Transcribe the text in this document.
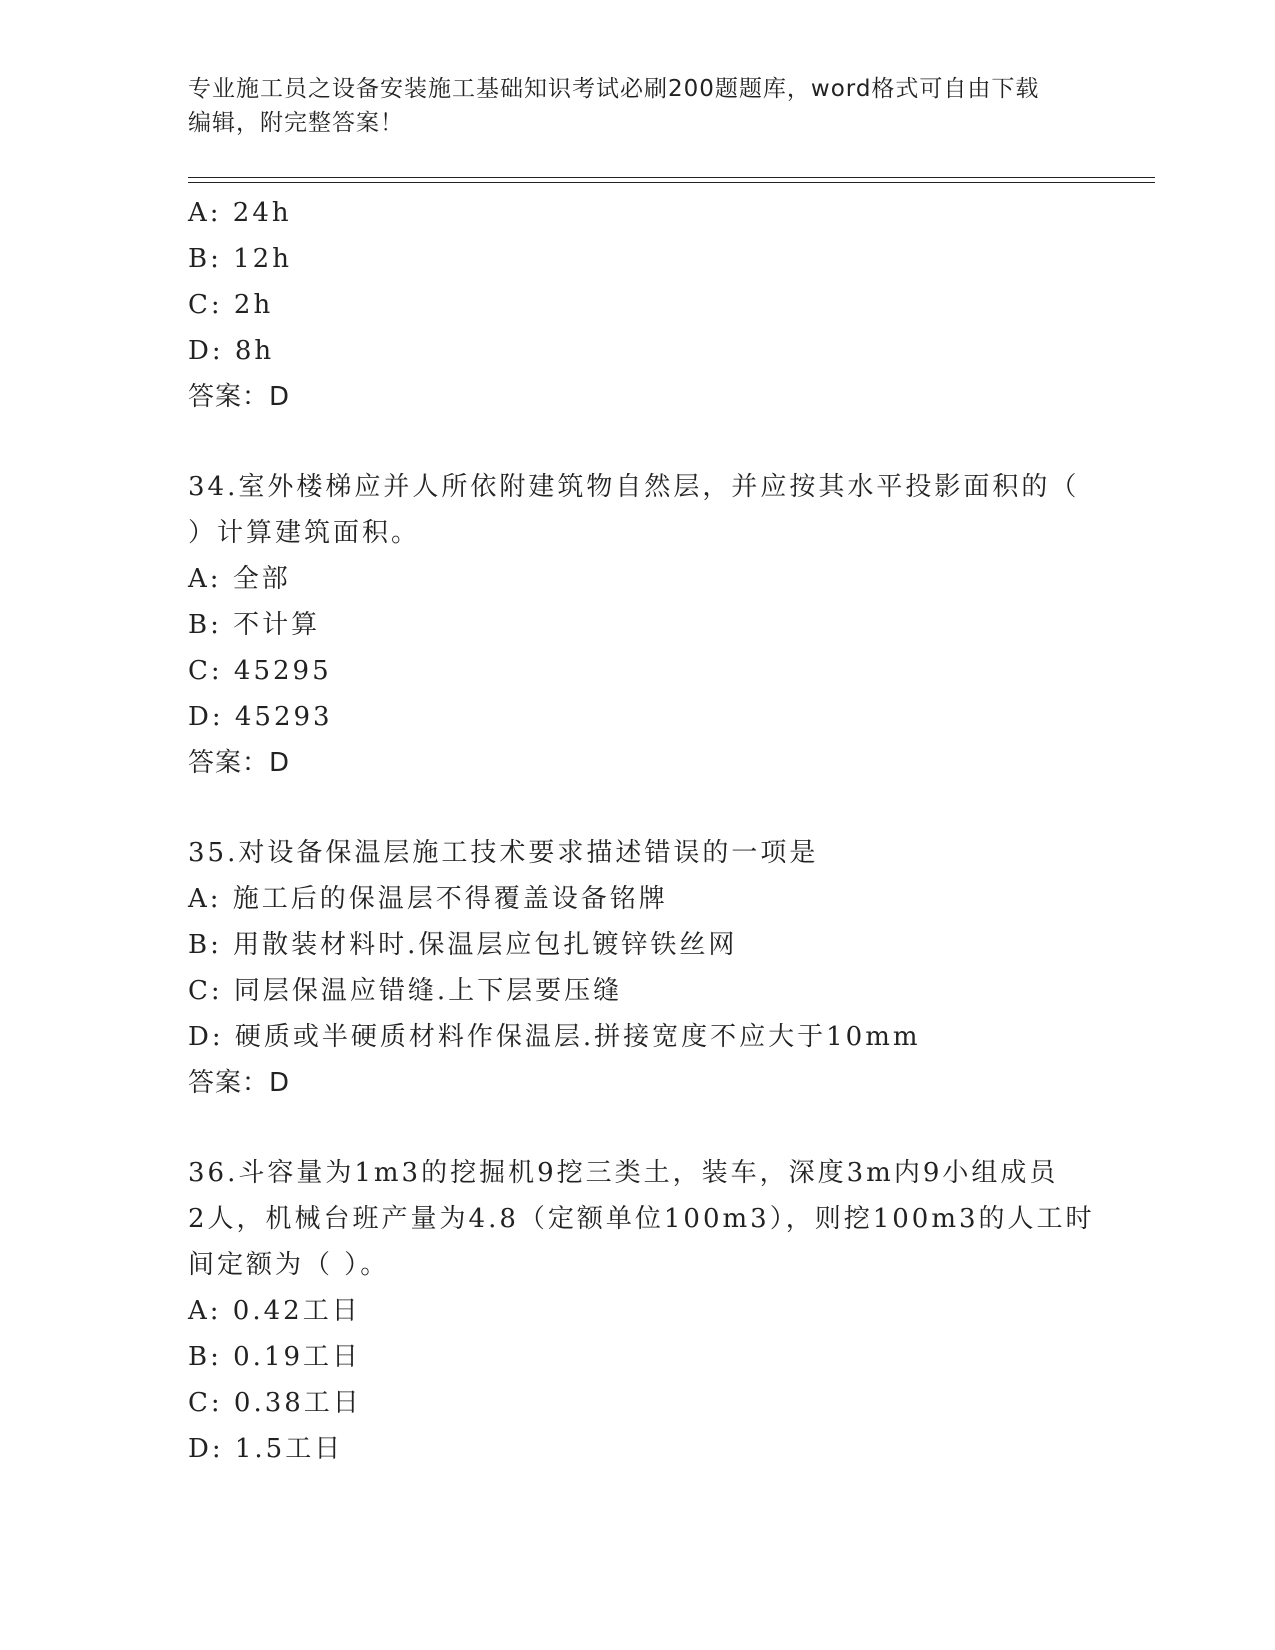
专业施工员之设备安装施工基础知识考试必刷200题题库，word格式可自由下载
编辑，附完整答案！
A: 24h
B: 12h
C: 2h
D: 8h
答案：D
34.室外楼梯应并人所依附建筑物自然层，并应按其水平投影面积的（
）计算建筑面积。
A: 全部
B: 不计算
C: 45295
D: 45293
答案：D
35.对设备保温层施工技术要求描述错误的一项是
A: 施工后的保温层不得覆盖设备铭牌
B: 用散装材料时.保温层应包扎镀锌铁丝网
C: 同层保温应错缝.上下层要压缝
D: 硬质或半硬质材料作保温层.拼接宽度不应大于10mm
答案：D
36.斗容量为1m3的挖掘机9挖三类土，装车，深度3m内9小组成员
2人，机械台班产量为4.8（定额单位100m3），则挖100m3的人工时
间定额为（ ）。
A: 0.42工日
B: 0.19工日
C: 0.38工日
D: 1.5工日
